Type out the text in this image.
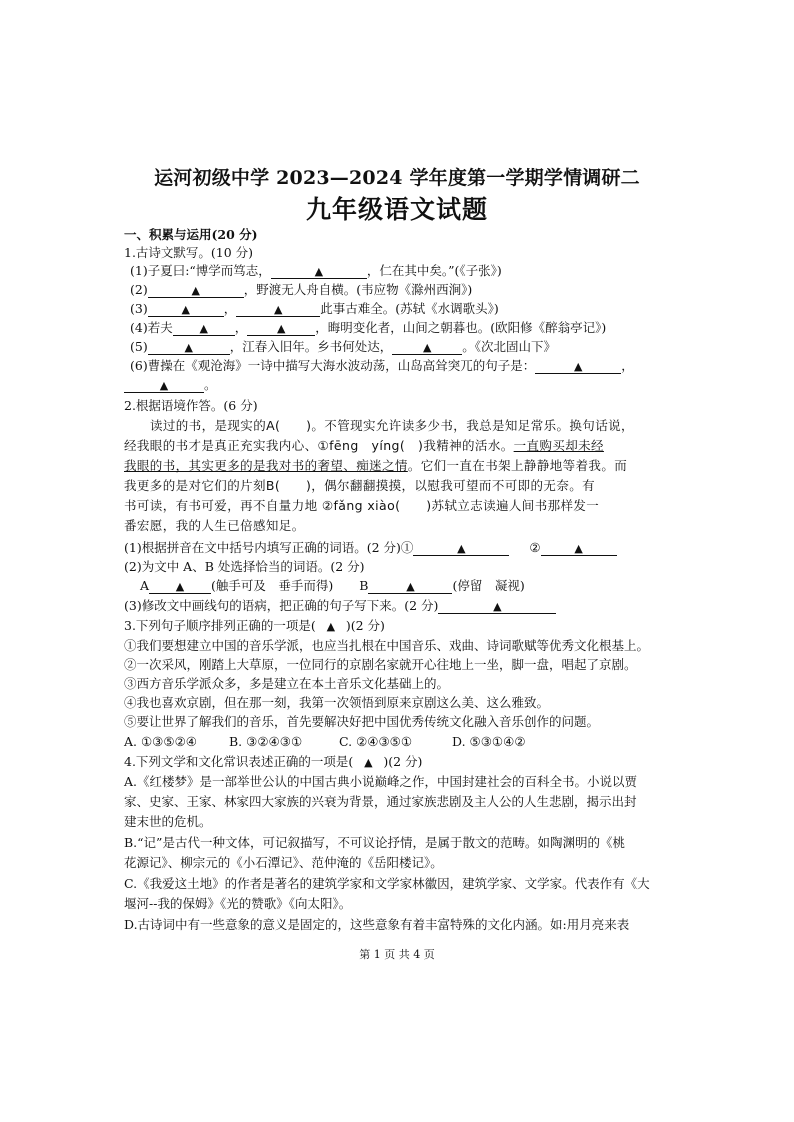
运河初级中学 2023—2024 学年度第一学期学情调研二
九年级语文试题
一、积累与运用(20 分)
1.古诗文默写。(10 分)
(1)子夏曰:“博学而笃志，	▲	，仁在其中矣。”(《子张》)
(2)	▲	，野渡无人舟自横。(韦应物《滁州西涧》)
(3)	▲	，	▲	此事古难全。(苏轼《水调歌头》)
(4)若夫 ▲ ，	▲ ，晦明变化者，山间之朝暮也。(欧阳修《醉翁亭记》)
(5)	▲	，江春入旧年。乡书何处达，	▲ 。《次北固山下》
(6)曹操在《观沧海》一诗中描写大海水波动荡，山岛高耸突兀的句子是：	▲	，
▲	。
2.根据语境作答。(6 分)
读过的书，是现实的A(　　)。不管现实允许读多少书，我总是知足常乐。换句话说，
经我眼的书才是真正充实我内心、①fēng　yíng(　)我精神的活水。一直购买却未经
我眼的书，其实更多的是我对书的奢望、痴迷之情。它们一直在书架上静静地等着我。而
我更多的是对它们的片刻B(　　)，偶尔翻翻摸摸，以慰我可望而不可即的无奈。有
书可读，有书可爱，再不自量力地 ②fǎng xiào(　　)苏轼立志读遍人间书那样发一
番宏愿，我的人生已倍感知足。
(1)根据拼音在文中括号内填写正确的词语。(2 分)①	▲	②	▲
(2)为文中 A、B 处选择恰当的词语。(2 分)
A ▲ (触手可及　垂手而得) B	▲	(停留　凝视)
(3)修改文中画线句的语病，把正确的句子写下来。(2 分)	▲
3.下列句子顺序排列正确的一项是( ▲ )(2 分)
①我们要想建立中国的音乐学派，也应当扎根在中国音乐、戏曲、诗词歌赋等优秀文化根基上。
②一次采风，刚踏上大草原，一位同行的京剧名家就开心往地上一坐，脚一盘，唱起了京剧。
③西方音乐学派众多，多是建立在本土音乐文化基础上的。
④我也喜欢京剧，但在那一刻，我第一次领悟到原来京剧这么美、这么雅致。
⑤要让世界了解我们的音乐，首先要解决好把中国优秀传统文化融入音乐创作的问题。
A. ①③⑤②④	B. ③②④③①	C. ②④③⑤①	D. ⑤③①④②
4.下列文学和文化常识表述正确的一项是( ▲ )(2 分)
A.《红楼梦》是一部举世公认的中国古典小说巅峰之作，中国封建社会的百科全书。小说以贾
家、史家、王家、林家四大家族的兴衰为背景，通过家族悲剧及主人公的人生悲剧，揭示出封
建末世的危机。
B.“记”是古代一种文体，可记叙描写，不可议论抒情，是属于散文的范畴。如陶渊明的《桃
花源记》、柳宗元的《小石潭记》、范仲淹的《岳阳楼记》。
C.《我爱这土地》的作者是著名的建筑学家和文学家林徽因，建筑学家、文学家。代表作有《大
堰河--我的保姆》《光的赞歌》《向太阳》。
D.古诗词中有一些意象的意义是固定的，这些意象有着丰富特殊的文化内涵。如:用月亮来表
第 1 页 共 4 页
